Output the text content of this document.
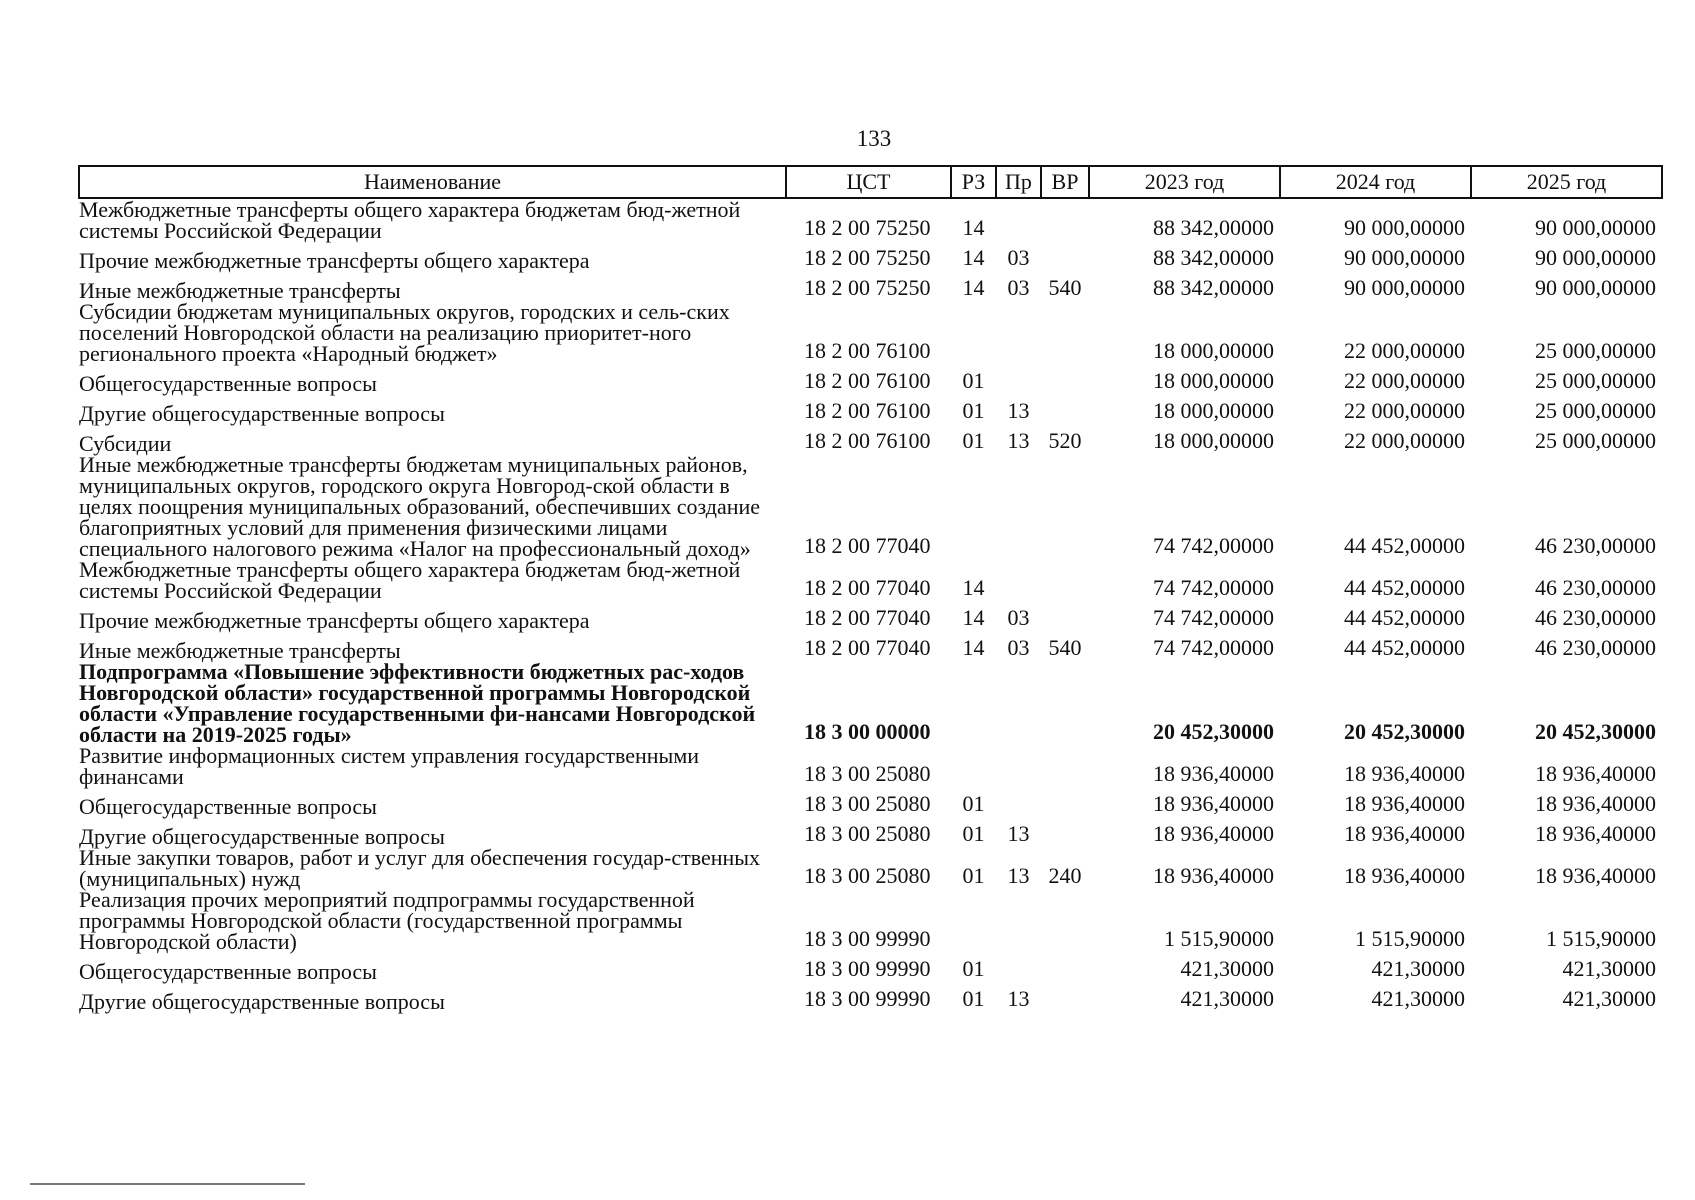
133
Наименование	ЦСТ	РЗ	Пр	ВР	2023 год	2024 год	2025 год
Межбюджетные трансферты общего характера бюджетам бюд-жетной системы Российской Федерации	18 2 00 75250	14			88 342,00000	90 000,00000	90 000,00000
Прочие межбюджетные трансферты общего характера	18 2 00 75250	14	03		88 342,00000	90 000,00000	90 000,00000
Иные межбюджетные трансферты	18 2 00 75250	14	03	540	88 342,00000	90 000,00000	90 000,00000
Субсидии бюджетам муниципальных округов, городских и сель-ских поселений Новгородской области на реализацию приоритет-ного регионального проекта «Народный бюджет»	18 2 00 76100				18 000,00000	22 000,00000	25 000,00000
Общегосударственные вопросы	18 2 00 76100	01			18 000,00000	22 000,00000	25 000,00000
Другие общегосударственные вопросы	18 2 00 76100	01	13		18 000,00000	22 000,00000	25 000,00000
Субсидии	18 2 00 76100	01	13	520	18 000,00000	22 000,00000	25 000,00000
Иные межбюджетные трансферты бюджетам муниципальных районов, муниципальных округов, городского округа Новгород-ской области в целях поощрения муниципальных образований, обеспечивших создание благоприятных условий для применения физическими лицами специального налогового режима «Налог на профессиональный доход»	18 2 00 77040				74 742,00000	44 452,00000	46 230,00000
Межбюджетные трансферты общего характера бюджетам бюд-жетной системы Российской Федерации	18 2 00 77040	14			74 742,00000	44 452,00000	46 230,00000
Прочие межбюджетные трансферты общего характера	18 2 00 77040	14	03		74 742,00000	44 452,00000	46 230,00000
Иные межбюджетные трансферты	18 2 00 77040	14	03	540	74 742,00000	44 452,00000	46 230,00000
Подпрограмма «Повышение эффективности бюджетных рас-ходов Новгородской области» государственной программы Новгородской области «Управление государственными фи-нансами Новгородской области на 2019-2025 годы»	18 3 00 00000				20 452,30000	20 452,30000	20 452,30000
Развитие информационных систем управления государственными финансами	18 3 00 25080				18 936,40000	18 936,40000	18 936,40000
Общегосударственные вопросы	18 3 00 25080	01			18 936,40000	18 936,40000	18 936,40000
Другие общегосударственные вопросы	18 3 00 25080	01	13		18 936,40000	18 936,40000	18 936,40000
Иные закупки товаров, работ и услуг для обеспечения государ-ственных (муниципальных) нужд	18 3 00 25080	01	13	240	18 936,40000	18 936,40000	18 936,40000
Реализация прочих мероприятий подпрограммы государственной программы Новгородской области (государственной программы Новгородской области)	18 3 00 99990				1 515,90000	1 515,90000	1 515,90000
Общегосударственные вопросы	18 3 00 99990	01			421,30000	421,30000	421,30000
Другие общегосударственные вопросы	18 3 00 99990	01	13		421,30000	421,30000	421,30000
